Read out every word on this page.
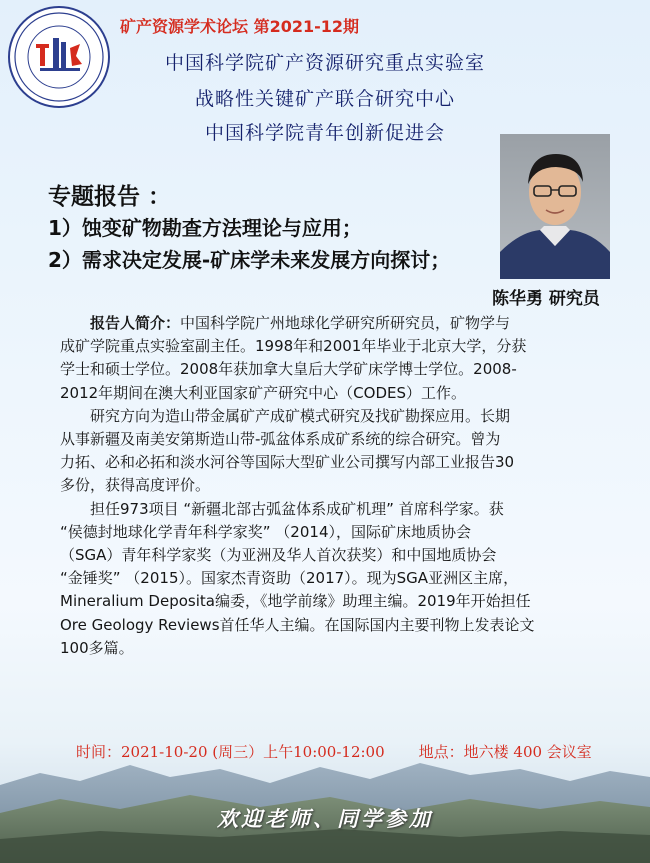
矿产资源学术论坛 第2021-12期
中国科学院矿产资源研究重点实验室
战略性关键矿产联合研究中心
中国科学院青年创新促进会
专题报告 ：
1）蚀变矿物勘查方法理论与应用；
2）需求决定发展-矿床学未来发展方向探讨；
陈华勇 研究员

报告人简介：中国科学院广州地球化学研究所研究员，矿物学与

成矿学院重点实验室副主任。1998年和2001年毕业于北京大学，分获
学士和硕士学位。2008年获加拿大皇后大学矿床学博士学位。2008-
2012年期间在澳大利亚国家矿产研究中心（CODES）工作。

研究方向为造山带金属矿产成矿模式研究及找矿勘探应用。长期

从事新疆及南美安第斯造山带-弧盆体系成矿系统的综合研究。曾为
力拓、必和必拓和淡水河谷等国际大型矿业公司撰写内部工业报告30
多份，获得高度评价。

担任973项目 “新疆北部古弧盆体系成矿机理” 首席科学家。获

“侯德封地球化学青年科学家奖” （2014），国际矿床地质协会
（SGA）青年科学家奖（为亚洲及华人首次获奖）和中国地质协会
“金锤奖” （2015）。国家杰青资助（2017）。现为SGA亚洲区主席，
Mineralium Deposita编委，《地学前缘》助理主编。2019年开始担任
Ore Geology Reviews首任华人主编。在国际国内主要刊物上发表论文
100多篇。
时间：2021-10-20 (周三）上午10:00-12:00 地点：地六楼 400 会议室
欢迎老师、同学参加
